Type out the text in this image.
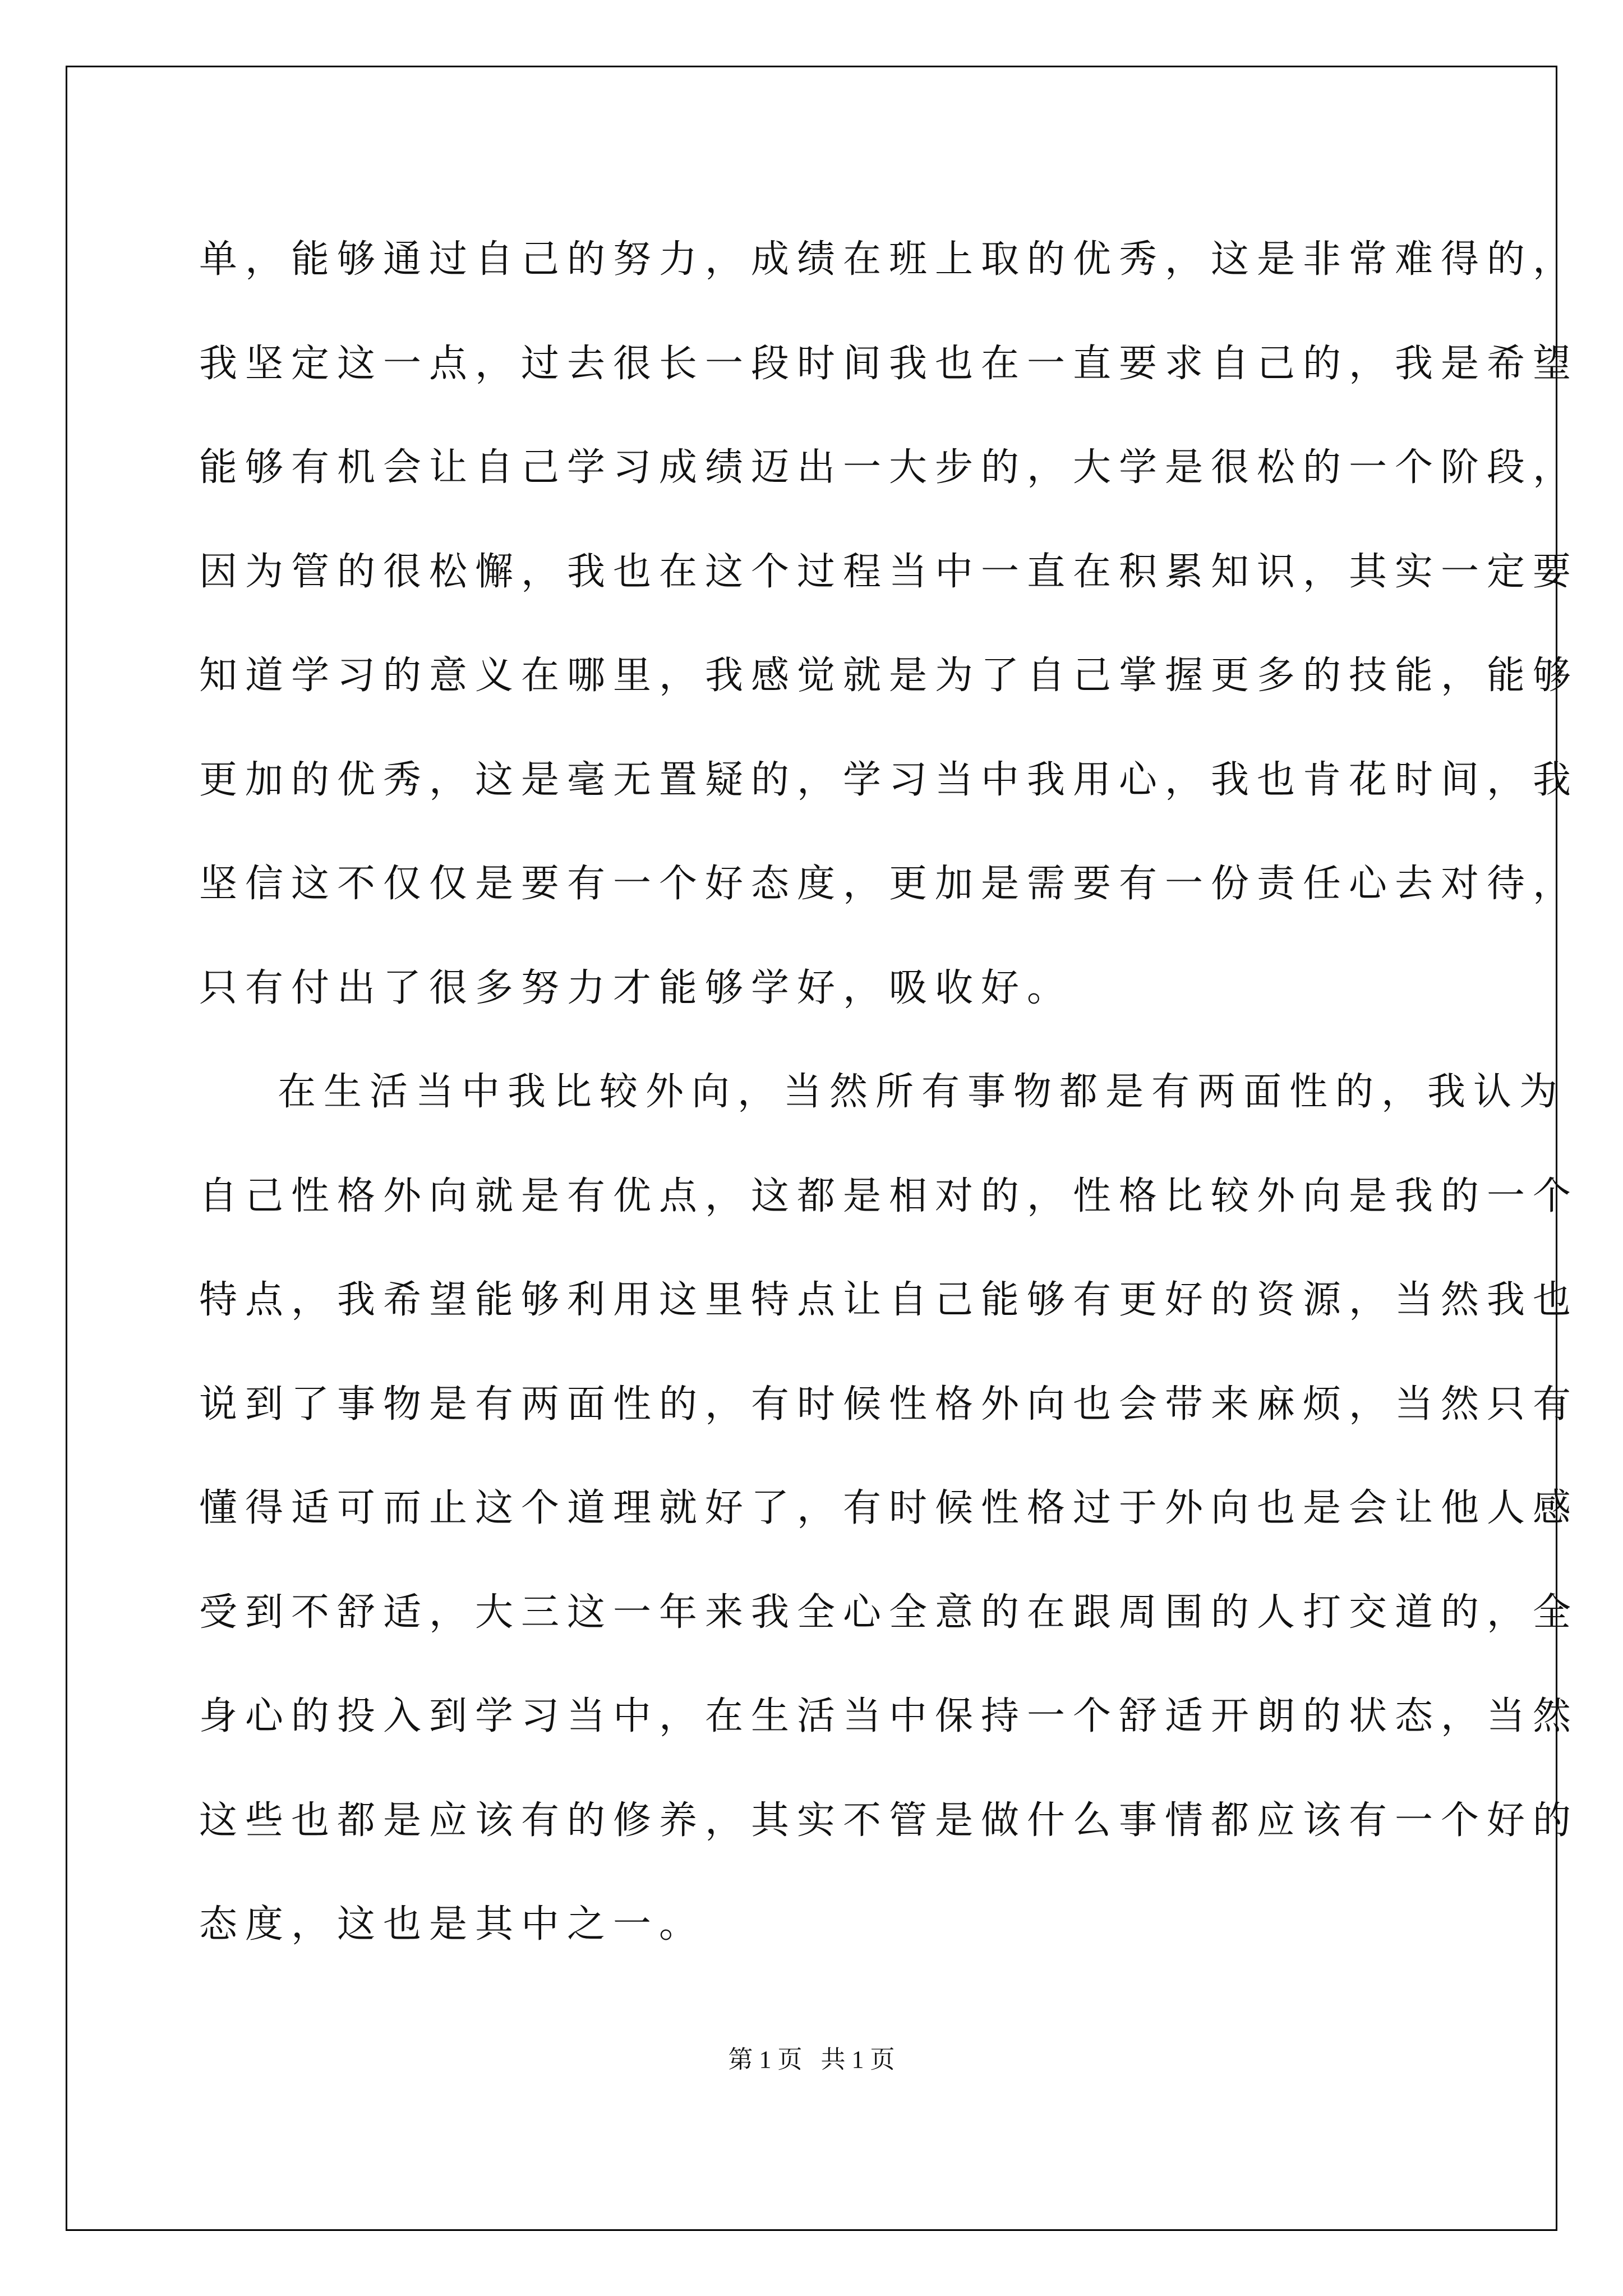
单，能够通过自己的努力，成绩在班上取的优秀，这是非常难得的，
我坚定这一点，过去很长一段时间我也在一直要求自己的，我是希望
能够有机会让自己学习成绩迈出一大步的，大学是很松的一个阶段，
因为管的很松懈，我也在这个过程当中一直在积累知识，其实一定要
知道学习的意义在哪里，我感觉就是为了自己掌握更多的技能，能够
更加的优秀，这是毫无置疑的，学习当中我用心，我也肯花时间，我
坚信这不仅仅是要有一个好态度，更加是需要有一份责任心去对待，
只有付出了很多努力才能够学好，吸收好。
在生活当中我比较外向，当然所有事物都是有两面性的，我认为
自己性格外向就是有优点，这都是相对的，性格比较外向是我的一个
特点，我希望能够利用这里特点让自己能够有更好的资源，当然我也
说到了事物是有两面性的，有时候性格外向也会带来麻烦，当然只有
懂得适可而止这个道理就好了，有时候性格过于外向也是会让他人感
受到不舒适，大三这一年来我全心全意的在跟周围的人打交道的，全
身心的投入到学习当中，在生活当中保持一个舒适开朗的状态，当然
这些也都是应该有的修养，其实不管是做什么事情都应该有一个好的
态度，这也是其中之一。
第 1 页   共 1 页
